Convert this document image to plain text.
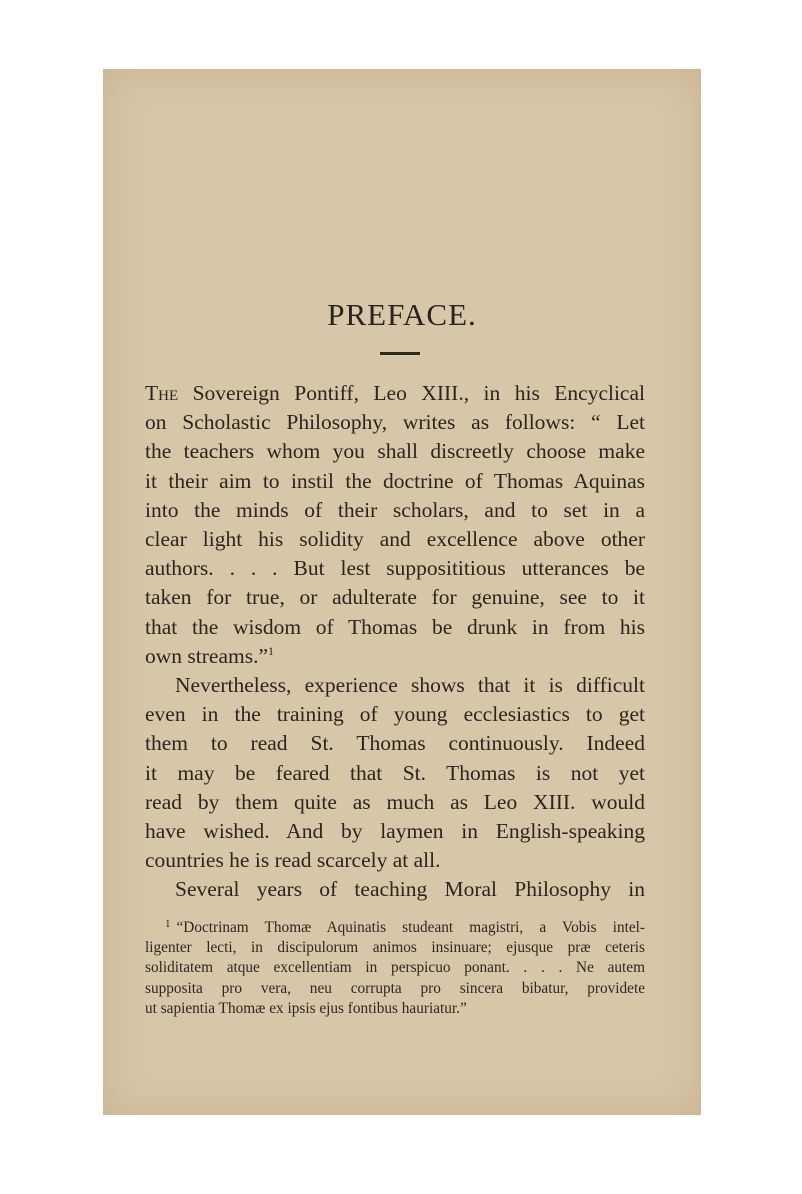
PREFACE.
The Sovereign Pontiff, Leo XIII., in his Encyclical
on Scholastic Philosophy, writes as follows: “ Let
the teachers whom you shall discreetly choose make
it their aim to instil the doctrine of Thomas Aquinas
into the minds of their scholars, and to set in a
clear light his solidity and excellence above other
authors. . . . But lest supposititious utterances be
taken for true, or adulterate for genuine, see to it
that the wisdom of Thomas be drunk in from his
own streams.”$^1$
Nevertheless, experience shows that it is difficult
even in the training of young ecclesiastics to get
them to read St. Thomas continuously. Indeed
it may be feared that St. Thomas is not yet
read by them quite as much as Leo XIII. would
have wished. And by laymen in English-speaking
countries he is read scarcely at all.
Several years of teaching Moral Philosophy in
$^1$ “Doctrinam Thomæ Aquinatis studeant magistri, a Vobis intel-
ligenter lecti, in discipulorum animos insinuare; ejusque præ ceteris
soliditatem atque excellentiam in perspicuo ponant. . . . Ne autem
supposita pro vera, neu corrupta pro sincera bibatur, providete
ut sapientia Thomæ ex ipsis ejus fontibus hauriatur.”
